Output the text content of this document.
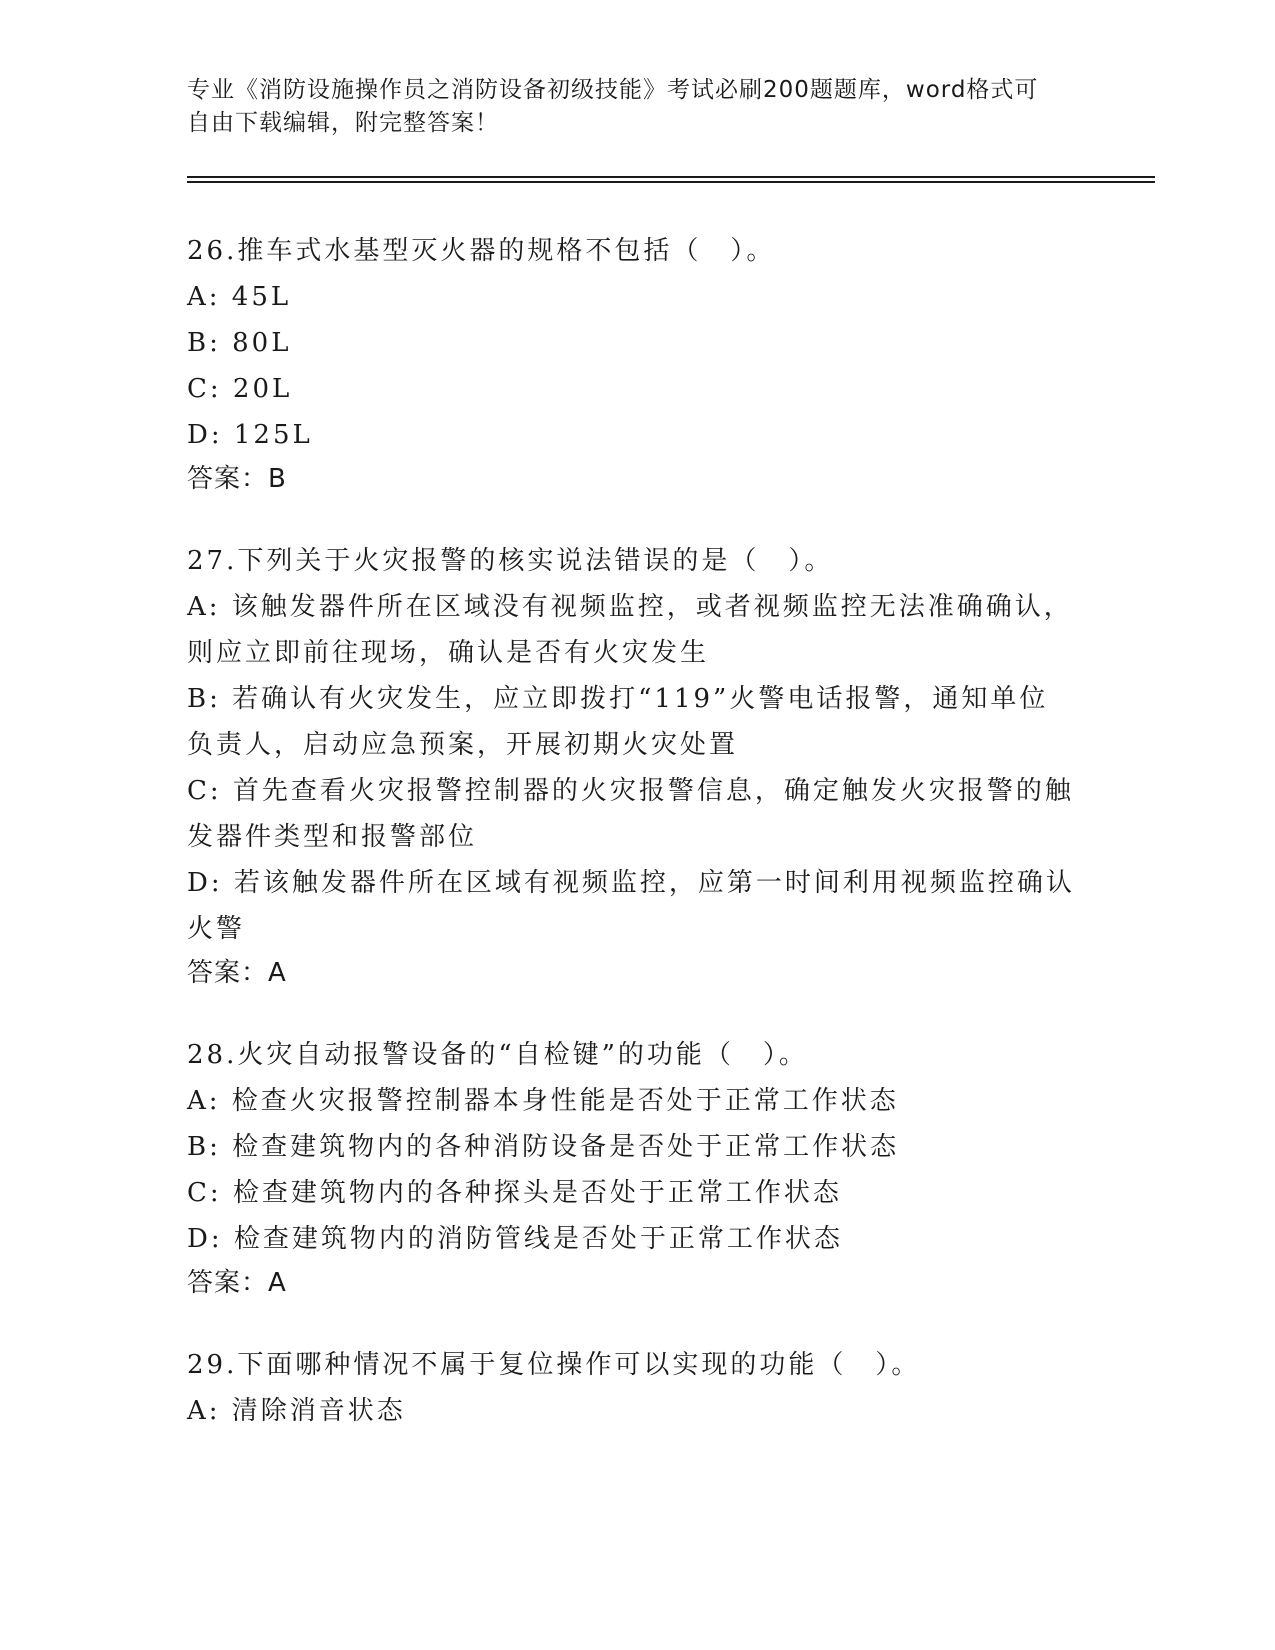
专业《消防设施操作员之消防设备初级技能》考试必刷200题题库，word格式可
自由下载编辑，附完整答案！
26.推车式水基型灭火器的规格不包括（　）。
A: 45L
B: 80L
C: 20L
D: 125L
答案：B
27.下列关于火灾报警的核实说法错误的是（　）。
A: 该触发器件所在区域没有视频监控，或者视频监控无法准确确认，
则应立即前往现场，确认是否有火灾发生
B: 若确认有火灾发生，应立即拨打“119”火警电话报警，通知单位
负责人，启动应急预案，开展初期火灾处置
C: 首先查看火灾报警控制器的火灾报警信息，确定触发火灾报警的触
发器件类型和报警部位
D: 若该触发器件所在区域有视频监控，应第一时间利用视频监控确认
火警
答案：A
28.火灾自动报警设备的“自检键”的功能（　）。
A: 检查火灾报警控制器本身性能是否处于正常工作状态
B: 检查建筑物内的各种消防设备是否处于正常工作状态
C: 检查建筑物内的各种探头是否处于正常工作状态
D: 检查建筑物内的消防管线是否处于正常工作状态
答案：A
29.下面哪种情况不属于复位操作可以实现的功能（　）。
A: 清除消音状态
